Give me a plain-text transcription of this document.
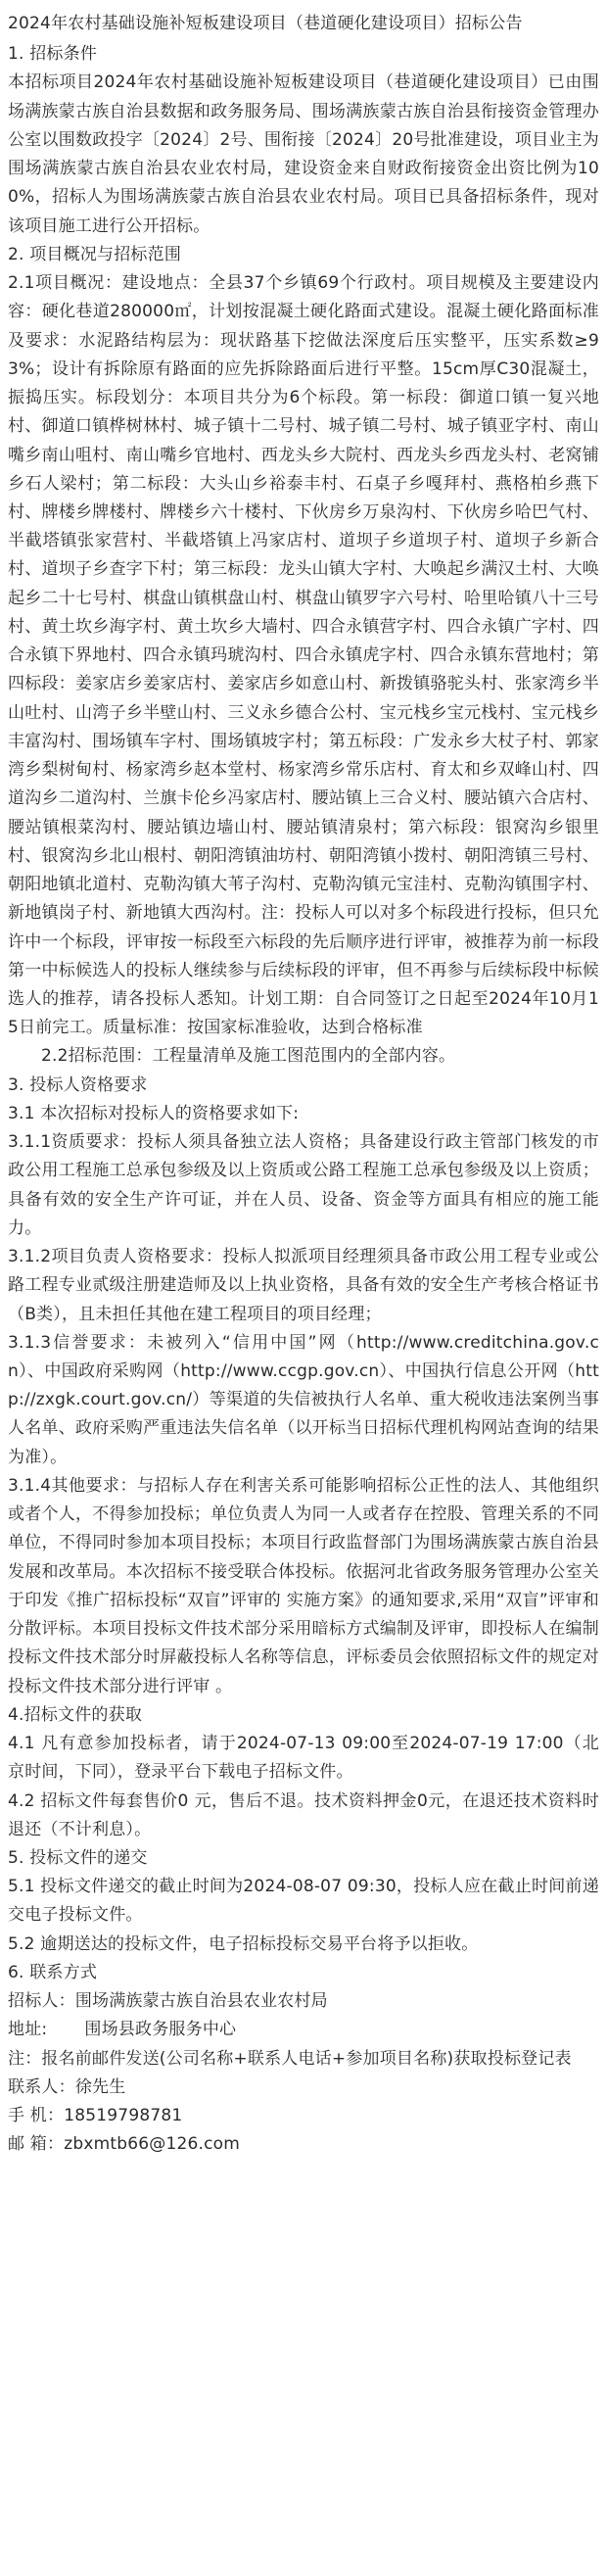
2024年农村基础设施补短板建设项目（巷道硬化建设项目）招标公告

1. 招标条件

本招标项目2024年农村基础设施补短板建设项目（巷道硬化建设项目）已由围场满族蒙古族自治县数据和政务服务局、围场满族蒙古族自治县衔接资金管理办公室以围数政投字〔2024〕2号、围衔接〔2024〕20号批准建设，项目业主为围场满族蒙古族自治县农业农村局，建设资金来自财政衔接资金出资比例为100%，招标人为围场满族蒙古族自治县农业农村局。项目已具备招标条件，现对该项目施工进行公开招标。

2. 项目概况与招标范围

2.1项目概况：建设地点：全县37个乡镇69个行政村。项目规模及主要建设内容：硬化巷道280000㎡，计划按混凝土硬化路面式建设。混凝土硬化路面标准及要求：水泥路结构层为：现状路基下挖做法深度后压实整平，压实系数≥93%；设计有拆除原有路面的应先拆除路面后进行平整。15cm厚C30混凝土，振捣压实。标段划分：本项目共分为6个标段。第一标段：御道口镇一复兴地村、御道口镇桦树林村、城子镇十二号村、城子镇二号村、城子镇亚字村、南山嘴乡南山咀村、南山嘴乡官地村、西龙头乡大院村、西龙头乡西龙头村、老窝铺乡石人梁村；第二标段：大头山乡裕泰丰村、石桌子乡嘎拜村、燕格柏乡燕下村、牌楼乡牌楼村、牌楼乡六十楼村、下伙房乡万泉沟村、下伙房乡哈巴气村、半截塔镇张家营村、半截塔镇上冯家店村、道坝子乡道坝子村、道坝子乡新合村、道坝子乡查字下村；第三标段：龙头山镇大字村、大唤起乡满汉土村、大唤起乡二十七号村、棋盘山镇棋盘山村、棋盘山镇罗字六号村、哈里哈镇八十三号村、黄土坎乡海字村、黄土坎乡大墙村、四合永镇营字村、四合永镇广字村、四合永镇下界地村、四合永镇玛琥沟村、四合永镇虎字村、四合永镇东营地村；第四标段：姜家店乡姜家店村、姜家店乡如意山村、新拨镇骆驼头村、张家湾乡半山吐村、山湾子乡半壁山村、三义永乡德合公村、宝元栈乡宝元栈村、宝元栈乡丰富沟村、围场镇车字村、围场镇坡字村；第五标段：广发永乡大杖子村、郭家湾乡梨树甸村、杨家湾乡赵本堂村、杨家湾乡常乐店村、育太和乡双峰山村、四道沟乡二道沟村、兰旗卡伦乡冯家店村、腰站镇上三合义村、腰站镇六合店村、腰站镇根菜沟村、腰站镇边墙山村、腰站镇清泉村；第六标段：银窝沟乡银里村、银窝沟乡北山根村、朝阳湾镇油坊村、朝阳湾镇小拨村、朝阳湾镇三号村、朝阳地镇北道村、克勒沟镇大苇子沟村、克勒沟镇元宝洼村、克勒沟镇围字村、新地镇岗子村、新地镇大西沟村。注：投标人可以对多个标段进行投标，但只允许中一个标段，评审按一标段至六标段的先后顺序进行评审，被推荐为前一标段第一中标候选人的投标人继续参与后续标段的评审，但不再参与后续标段中标候选人的推荐，请各投标人悉知。计划工期：自合同签订之日起至2024年10月15日前完工。质量标准：按国家标准验收，达到合格标准

2.2招标范围：工程量清单及施工图范围内的全部内容。

3. 投标人资格要求

3.1 本次招标对投标人的资格要求如下:

3.1.1资质要求：投标人须具备独立法人资格；具备建设行政主管部门核发的市政公用工程施工总承包参级及以上资质或公路工程施工总承包参级及以上资质；具备有效的安全生产许可证，并在人员、设备、资金等方面具有相应的施工能力。

3.1.2项目负责人资格要求：投标人拟派项目经理须具备市政公用工程专业或公路工程专业贰级注册建造师及以上执业资格，具备有效的安全生产考核合格证书（B类），且未担任其他在建工程项目的项目经理；

3.1.3信誉要求：未被列入“信用中国”网（http://www.creditchina.gov.cn）、中国政府采购网（http://www.ccgp.gov.cn）、中国执行信息公开网（http://zxgk.court.gov.cn/）等渠道的失信被执行人名单、重大税收违法案例当事人名单、政府采购严重违法失信名单（以开标当日招标代理机构网站查询的结果为准）。

3.1.4其他要求：与招标人存在利害关系可能影响招标公正性的法人、其他组织或者个人，不得参加投标；单位负责人为同一人或者存在控股、管理关系的不同单位，不得同时参加本项目投标；本项目行政监督部门为围场满族蒙古族自治县发展和改革局。本次招标不接受联合体投标。依据河北省政务服务管理办公室关于印发《推广招标投标“双盲”评审的 实施方案》的通知要求,采用“双盲”评审和分散评标。本项目投标文件技术部分采用暗标方式编制及评审，即投标人在编制投标文件技术部分时屏蔽投标人名称等信息，评标委员会依照招标文件的规定对投标文件技术部分进行评审 。

4.招标文件的获取

4.1 凡有意参加投标者，请于2024-07-13 09:00至2024-07-19 17:00（北京时间，下同），登录平台下载电子招标文件。

4.2 招标文件每套售价0 元，售后不退。技术资料押金0元，在退还技术资料时退还（不计利息）。

5. 投标文件的递交

5.1 投标文件递交的截止时间为2024-08-07 09:30，投标人应在截止时间前递交电子投标文件。

5.2 逾期送达的投标文件，电子招标投标交易平台将予以拒收。

6. 联系方式

招标人：围场满族蒙古族自治县农业农村局

地址: 围场县政务服务中心

注：报名前邮件发送(公司名称+联系人电话+参加项目名称)获取投标登记表

联系人：徐先生

手 机：18519798781

邮 箱：zbxmtb66@126.com
